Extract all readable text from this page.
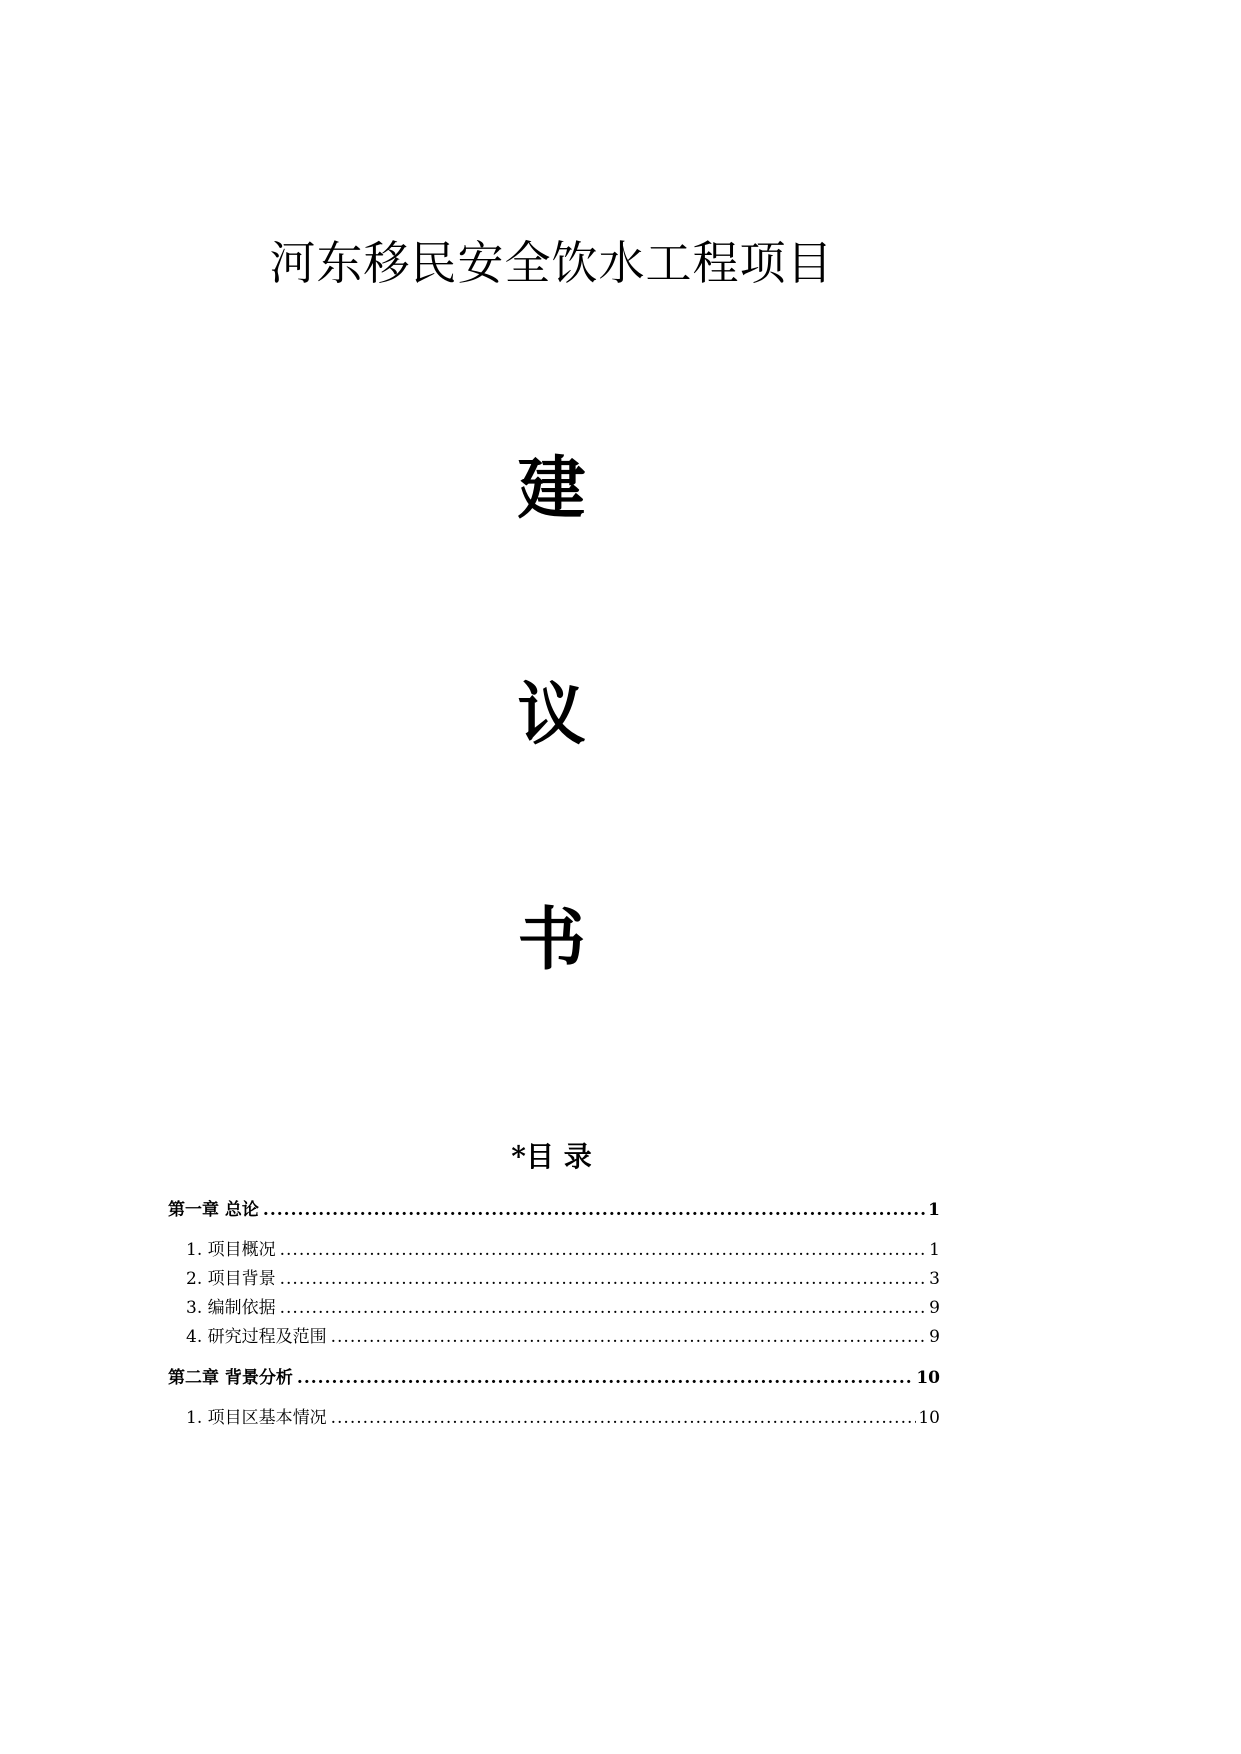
河东移民安全饮水工程项目
建
议
书
*目 录
第一章 总论 .....	1
1. 项目概况 .....	1
2. 项目背景 .....	3
3. 编制依据 .....	9
4. 研究过程及范围 .....	9
第二章 背景分析 .....	10
1. 项目区基本情况 .....	10
